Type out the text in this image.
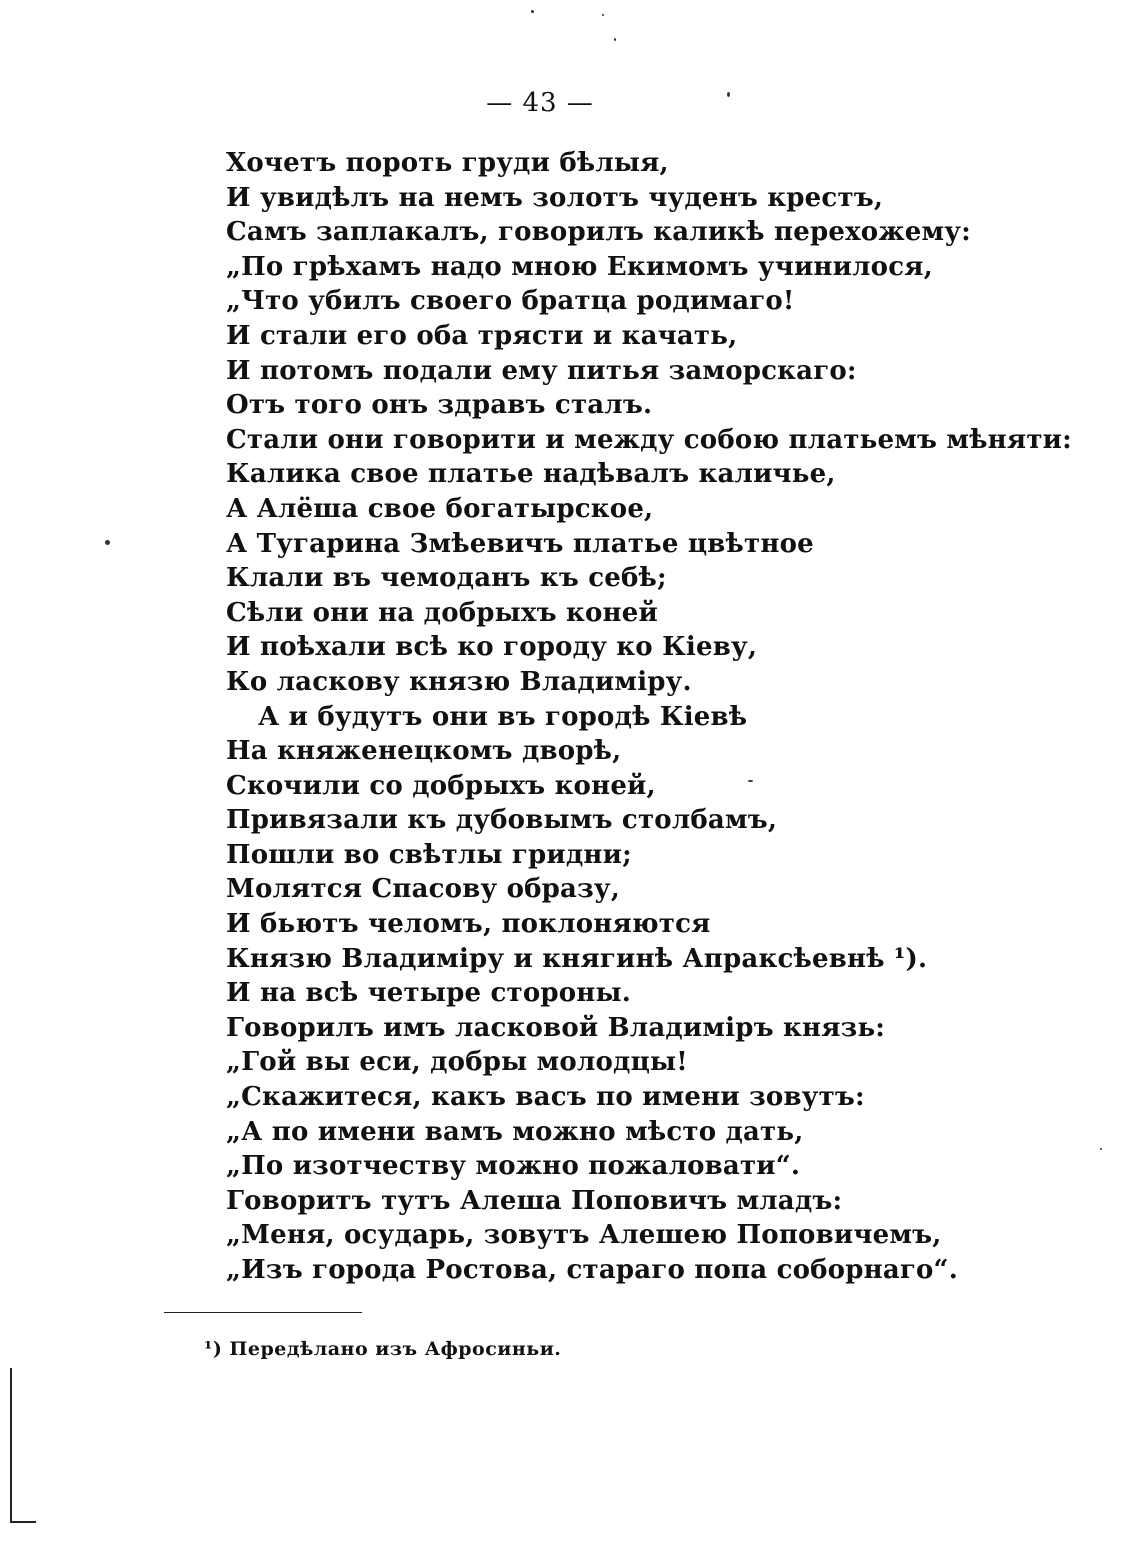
— 43 —
Хочетъ пороть груди бѣлыя,
И увидѣлъ на немъ золотъ чуденъ крестъ,
Самъ заплакалъ, говорилъ каликѣ перехожему:
„По грѣхамъ надо мною Екимомъ учинилося,
„Что убилъ своего братца родимаго!
И стали его оба трясти и качать,
И потомъ подали ему питья заморскаго:
Отъ того онъ здравъ сталъ.
Стали они говорити и между собою платьемъ мѣняти:
Калика свое платье надѣвалъ каличье,
А Алёша свое богатырское,
А Тугарина Змѣевичъ платье цвѣтное
Клали въ чемоданъ къ себѣ;
Сѣли они на добрыхъ коней
И поѣхали всѣ ко городу ко Кіеву,
Ко ласкову князю Владиміру.
А и будутъ они въ городѣ Кіевѣ
На княженецкомъ дворѣ,
Скочили со добрыхъ коней,
Привязали къ дубовымъ столбамъ,
Пошли во свѣтлы гридни;
Молятся Спасову образу,
И бьютъ челомъ, поклоняются
Князю Владиміру и княгинѣ Апраксѣевнѣ ¹).
И на всѣ четыре стороны.
Говорилъ имъ ласковой Владиміръ князь:
„Гой вы еси, добры молодцы!
„Скажитеся, какъ васъ по имени зовутъ:
„А по имени вамъ можно мѣсто дать,
„По изотчеству можно пожаловати“.
Говоритъ тутъ Алеша Поповичъ младъ:
„Меня, осударь, зовутъ Алешею Поповичемъ,
„Изъ города Ростова, стараго попа соборнаго“.
¹) Передѣлано изъ Афросиньи.
